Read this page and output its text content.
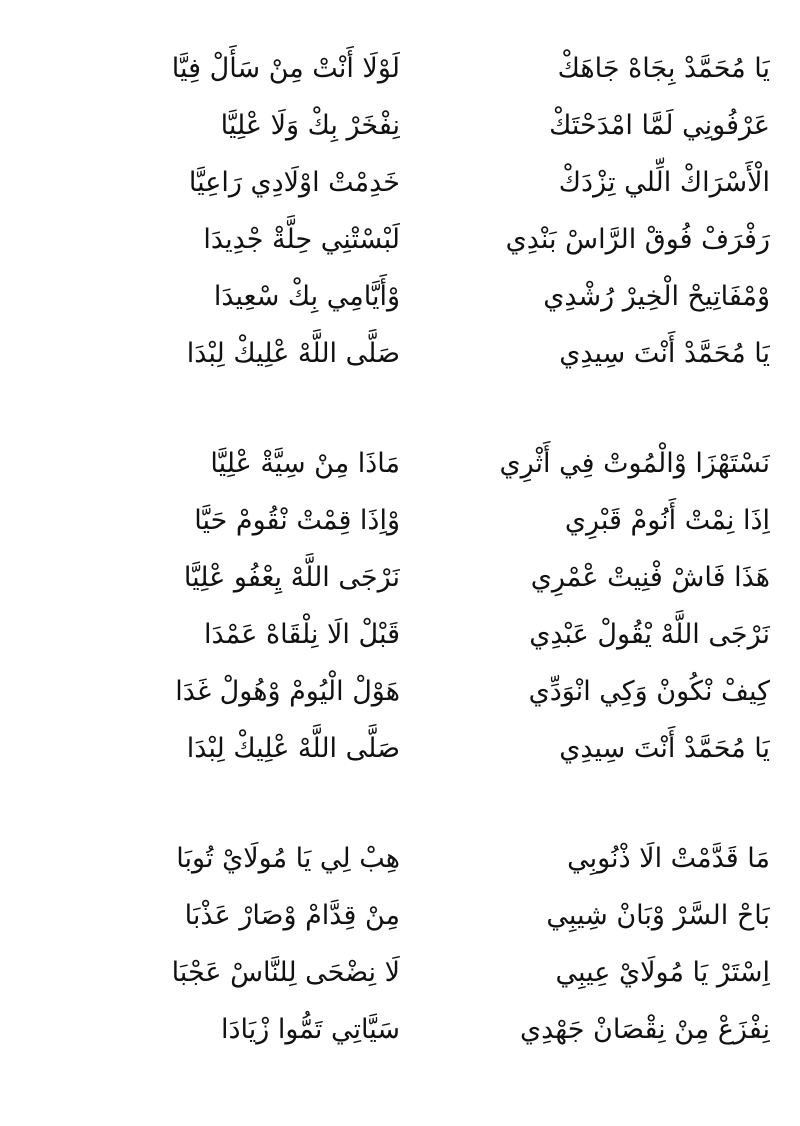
يَا مُحَمَّدْ بِجَاهْ جَاهَكْ
لَوْلَا أَنْتْ مِنْ سَأَلْ فِيَّا
عَرْفُونِي لَمَّا امْدَحْتَكْ
نِفْخَرْ بِكْ وَلَا عْلِيَّا
الْأَسْرَاكْ الِّلي تِزْدَكْ
خَدِمْتْ اوْلَادِي رَاعِيَّا
رَفْرَفْ فُوقْ الرَّاسْ بَنْدِي
لَبْسْتْنِي حِلَّةْ جْدِيدَا
وْمْفَاتِيحْ الْخِيرْ رُشْدِي
وْأَيَّامِي بِكْ سْعِيدَا
يَا مُحَمَّدْ أَنْتَ سِيدِي
صَلَّى اللَّهْ عْلِيكْ لِبْدَا
نَسْتَهْزَا وْالْمُوتْ فِي أَثْرِي
مَاذَا مِنْ سِيَّةْ عْلِيَّا
اِذَا نِمْتْ أَنُومْ قَبْرِي
وْاِذَا قِمْتْ نْقُومْ حَيَّا
هَذَا فَاشْ فْنِيتْ عْمْرِي
نَرْجَى اللَّهْ يِعْفُو عْلِيَّا
نَرْجَى اللَّهْ يْقُولْ عَبْدِي
قَبْلْ الَا نِلْقَاهْ عَمْدَا
كِيفْ نْكُونْ وَكِي انْوَدِّي
هَوْلْ الْيُومْ وْهُولْ غَدَا
يَا مُحَمَّدْ أَنْتَ سِيدِي
صَلَّى اللَّهْ عْلِيكْ لِبْدَا
مَا قَدَّمْتْ الَا ذْنُوبِي
هِبْ لِي يَا مُولَايْ تُوبَا
بَاحْ السَّرْ وْبَانْ شِيبِي
مِنْ قِدَّامْ وْصَارْ عَذْبَا
اِسْتَرْ يَا مُولَايْ عِيبِي
لَا نِضْحَى لِلنَّاسْ عَجْبَا
نِفْزَعْ مِنْ نِقْصَانْ جَهْدِي
سَيَّاتِي تَمُّوا زْيَادَا
